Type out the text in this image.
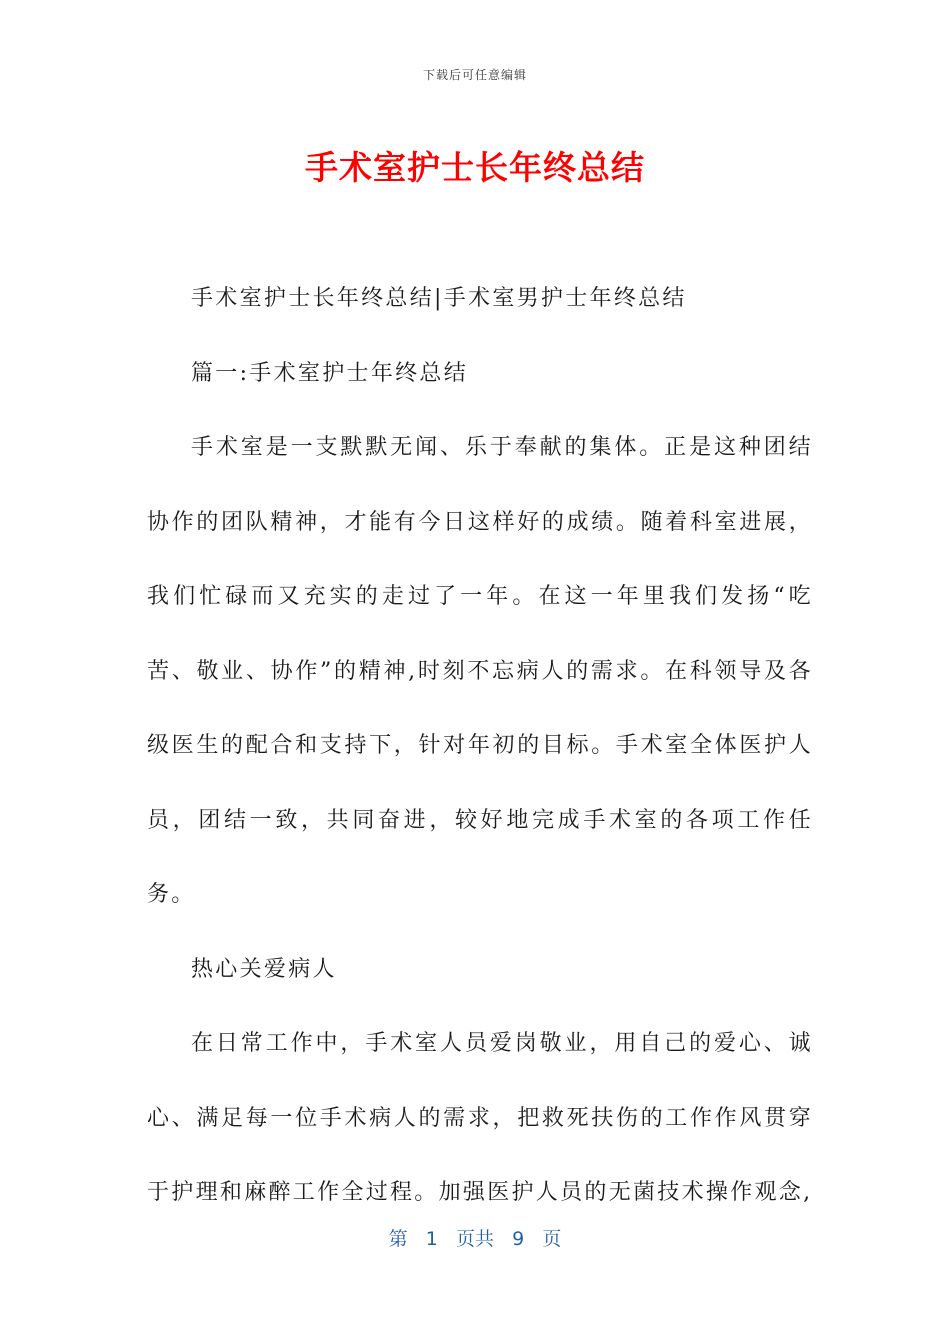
下载后可任意编辑
手术室护士长年终总结

手术室护士长年终总结|手术室男护士年终总结

篇一:手术室护士年终总结

手术室是一支默默无闻、乐于奉献的集体。正是这种团结协作的团队精神，才能有今日这样好的成绩。随着科室进展，我们忙碌而又充实的走过了一年。在这一年里我们发扬“吃苦、敬业、协作”的精神,时刻不忘病人的需求。在科领导及各级医生的配合和支持下，针对年初的目标。手术室全体医护人员，团结一致，共同奋进，较好地完成手术室的各项工作任务。

热心关爱病人

在日常工作中，手术室人员爱岗敬业，用自己的爱心、诚心、满足每一位手术病人的需求，把救死扶伤的工作作风贯穿于护理和麻醉工作全过程。加强医护人员的无菌技术操作观念,

第 1 页共 9 页
